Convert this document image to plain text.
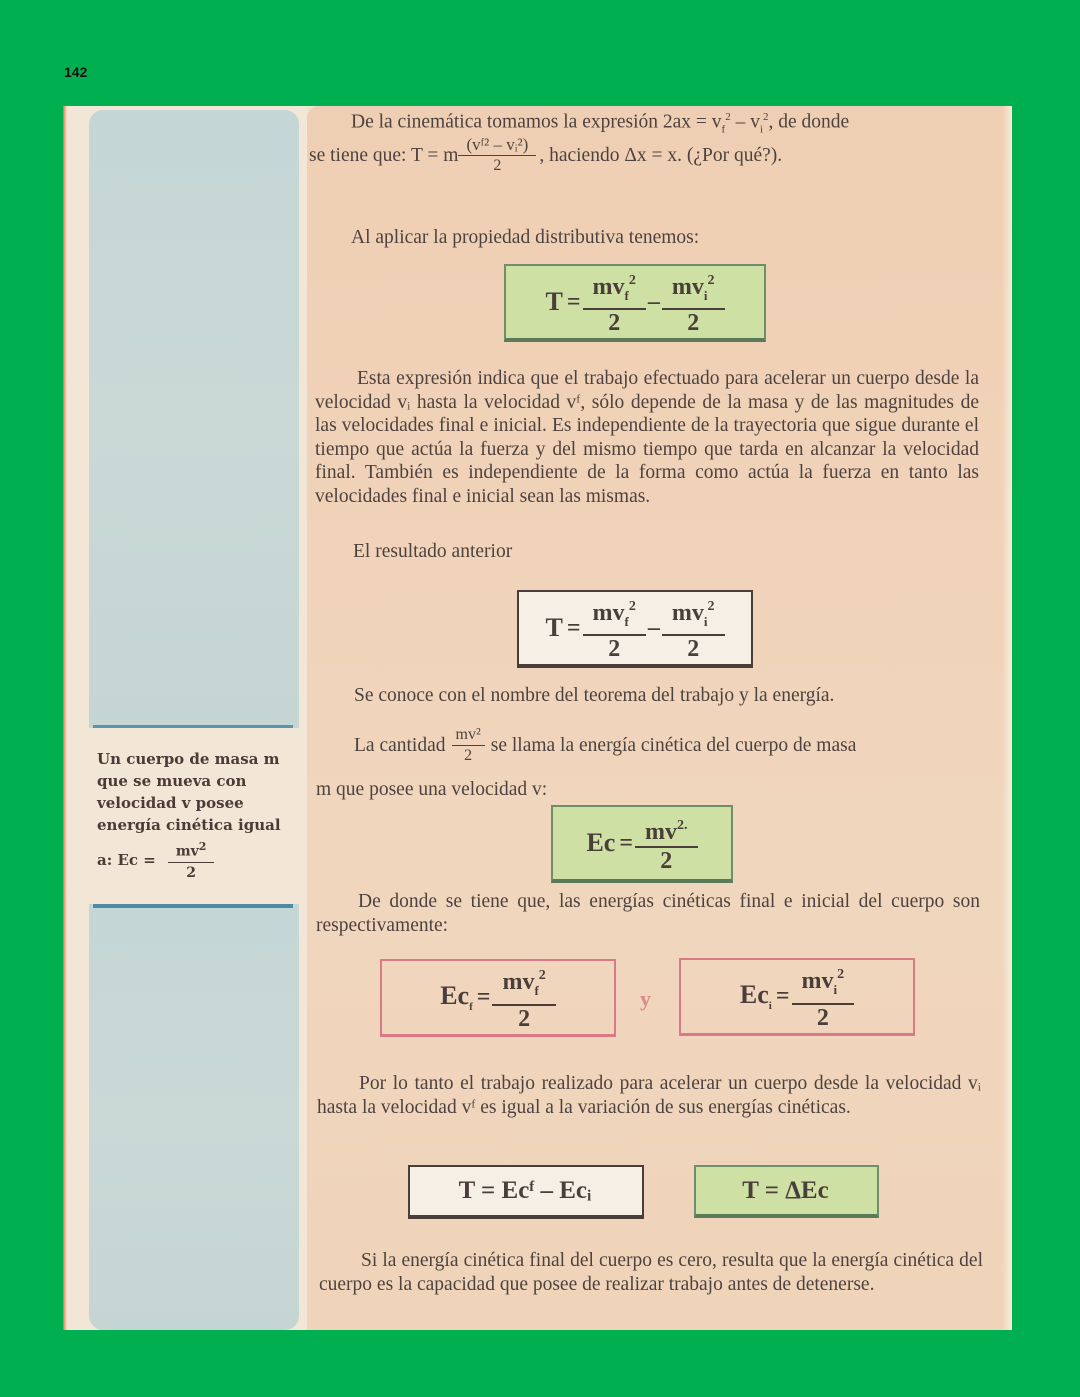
142
Un cuerpo de masa m
que se mueva con
velocidad v posee
energía cinética igual
a: $Ec = \frac{mv^2}{2}$
De la cinemática tomamos la expresión $2ax = v_f^2 - v_i^2$, de donde
se tiene que: T = m $\frac{\text{(vᶠ² – vᵢ²)}}{2}$ , haciendo Δx = x. (¿Por qué?).
Al aplicar la propiedad distributiva tenemos:
$T = \frac{mv_f^2}{2} - \frac{mv_i^2}{2}$
Esta expresión indica que el trabajo efectuado para acelerar un cuerpo desde la velocidad vᵢ hasta la velocidad vᶠ, sólo depende de la masa y de las magnitudes de las velocidades final e inicial. Es independiente de la trayectoria que sigue durante el tiempo que actúa la fuerza y del mismo tiempo que tarda en alcanzar la velocidad final. También es independiente de la forma como actúa la fuerza en tanto las velocidades final e inicial sean las mismas.
El resultado anterior
$T = \frac{mv_f^2}{2} - \frac{mv_i^2}{2}$
Se conoce con el nombre del teorema del trabajo y la energía.
La cantidad $\frac{\text{mv²}}{2}$ se llama la energía cinética del cuerpo de masa
m que posee una velocidad v:
$Ec = \frac{mv^{2.}}{2}$
De donde se tiene que, las energías cinéticas final e inicial del cuerpo son respectivamente:
$Ec_f = \frac{mv_f^2}{2}$	y	$Ec_i = \frac{mv_i^2}{2}$
Por lo tanto el trabajo realizado para acelerar un cuerpo desde la velocidad vᵢ hasta la velocidad vᶠ es igual a la variación de sus energías cinéticas.
T = Ecᶠ – Ecᵢ	T = ΔEc
Si la energía cinética final del cuerpo es cero, resulta que la energía cinética del cuerpo es la capacidad que posee de realizar trabajo antes de detenerse.
